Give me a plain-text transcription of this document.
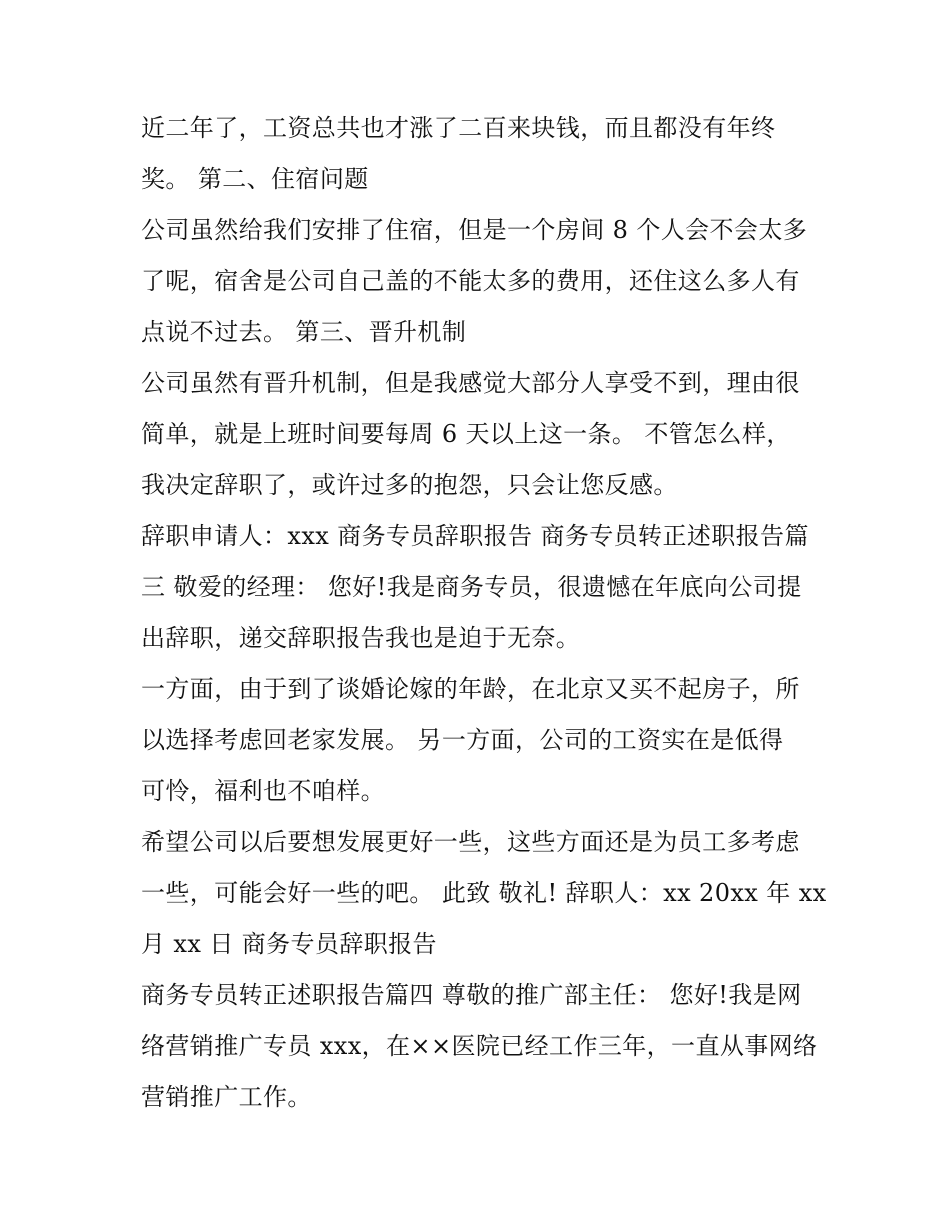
近二年了，工资总共也才涨了二百来块钱，而且都没有年终
奖。 第二、住宿问题
公司虽然给我们安排了住宿，但是一个房间 8 个人会不会太多
了呢，宿舍是公司自己盖的不能太多的费用，还住这么多人有
点说不过去。 第三、晋升机制
公司虽然有晋升机制，但是我感觉大部分人享受不到，理由很
简单，就是上班时间要每周 6 天以上这一条。 不管怎么样，
我决定辞职了，或许过多的抱怨，只会让您反感。
辞职申请人：xxx 商务专员辞职报告 商务专员转正述职报告篇
三 敬爱的经理： 您好!我是商务专员，很遗憾在年底向公司提
出辞职，递交辞职报告我也是迫于无奈。
一方面，由于到了谈婚论嫁的年龄，在北京又买不起房子，所
以选择考虑回老家发展。 另一方面，公司的工资实在是低得
可怜，福利也不咱样。
希望公司以后要想发展更好一些，这些方面还是为员工多考虑
一些，可能会好一些的吧。 此致 敬礼! 辞职人：xx 20xx 年 xx
月 xx 日 商务专员辞职报告
商务专员转正述职报告篇四 尊敬的推广部主任： 您好!我是网
络营销推广专员 xxx，在××医院已经工作三年，一直从事网络
营销推广工作。
